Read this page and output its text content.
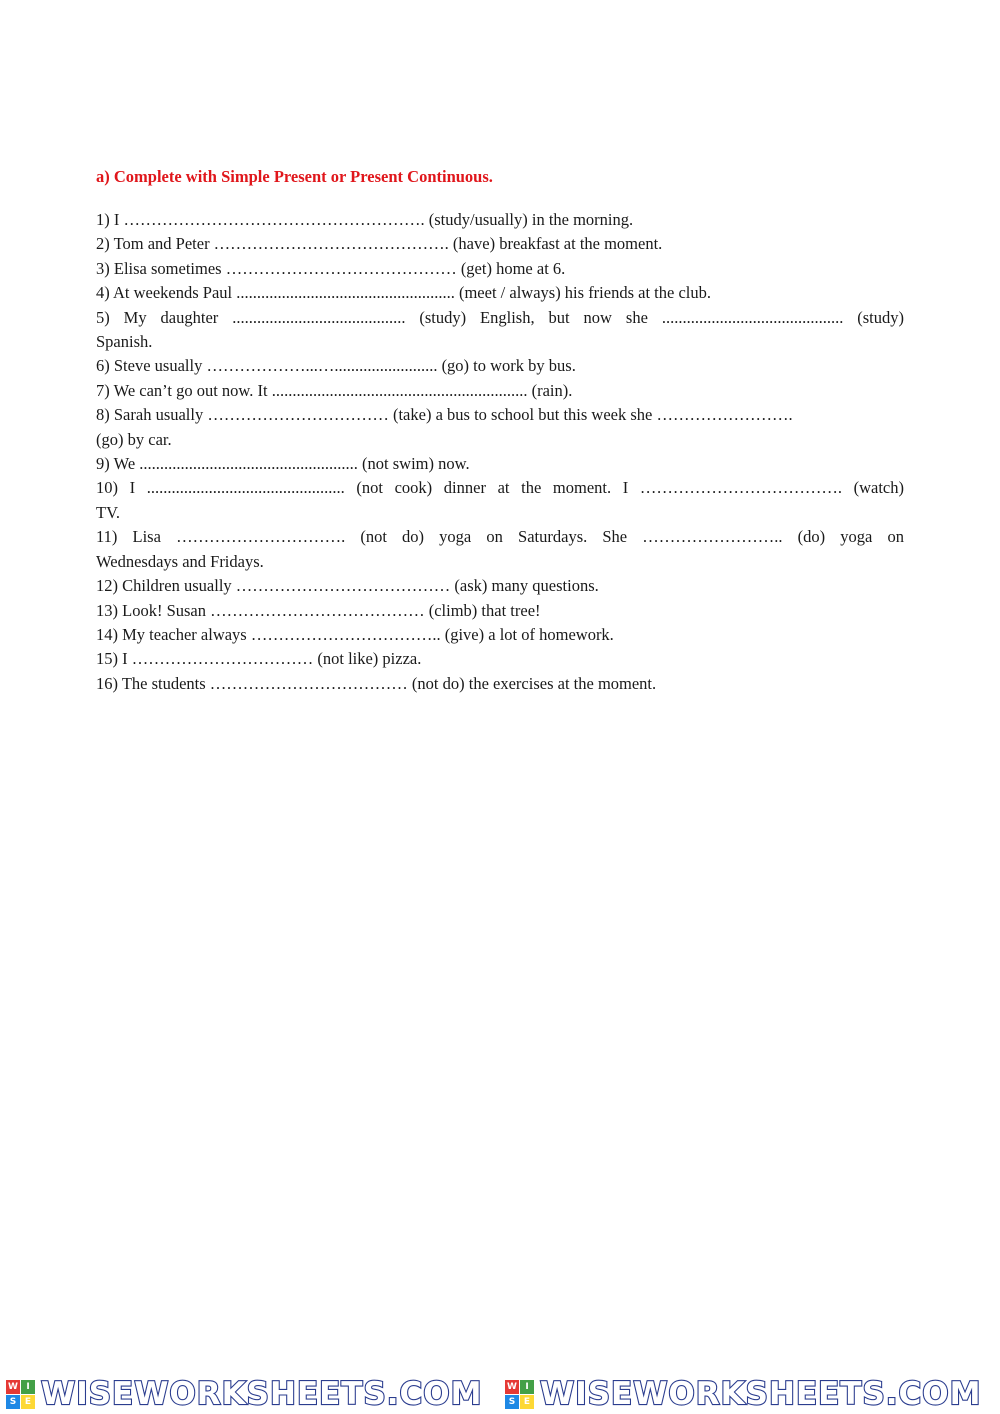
a) Complete with Simple Present or Present Continuous.
1) I ………………………………………………. (study/usually) in the morning.
2) Tom and Peter ……………………………………. (have) breakfast at the moment.
3) Elisa sometimes …………………………………… (get) home at 6.
4) At weekends Paul ..................................................... (meet / always) his friends at the club.
5) My daughter .......................................... (study) English, but now she ............................................ (study)
Spanish.
6) Steve usually ………………...…......................... (go) to work by bus.
7) We can’t go out now. It .............................................................. (rain).
8) Sarah usually …………………………… (take) a bus to school but this week she …………………….
(go) by car.
9) We ..................................................... (not swim) now.
10) I ................................................ (not cook) dinner at the moment. I ………………………………. (watch)
TV.
11) Lisa …………………………. (not do) yoga on Saturdays. She …………………….. (do) yoga on
Wednesdays and Fridays.
12) Children usually ………………………………… (ask) many questions.
13) Look! Susan ………………………………… (climb) that tree!
14) My teacher always …………………………….. (give) a lot of homework.
15) I …………………………… (not like) pizza.
16) The students ……………………………… (not do) the exercises at the moment.
W I
S E WISEWORKSHEETS.COM	W I
S E WISEWORKSHEETS.COM
